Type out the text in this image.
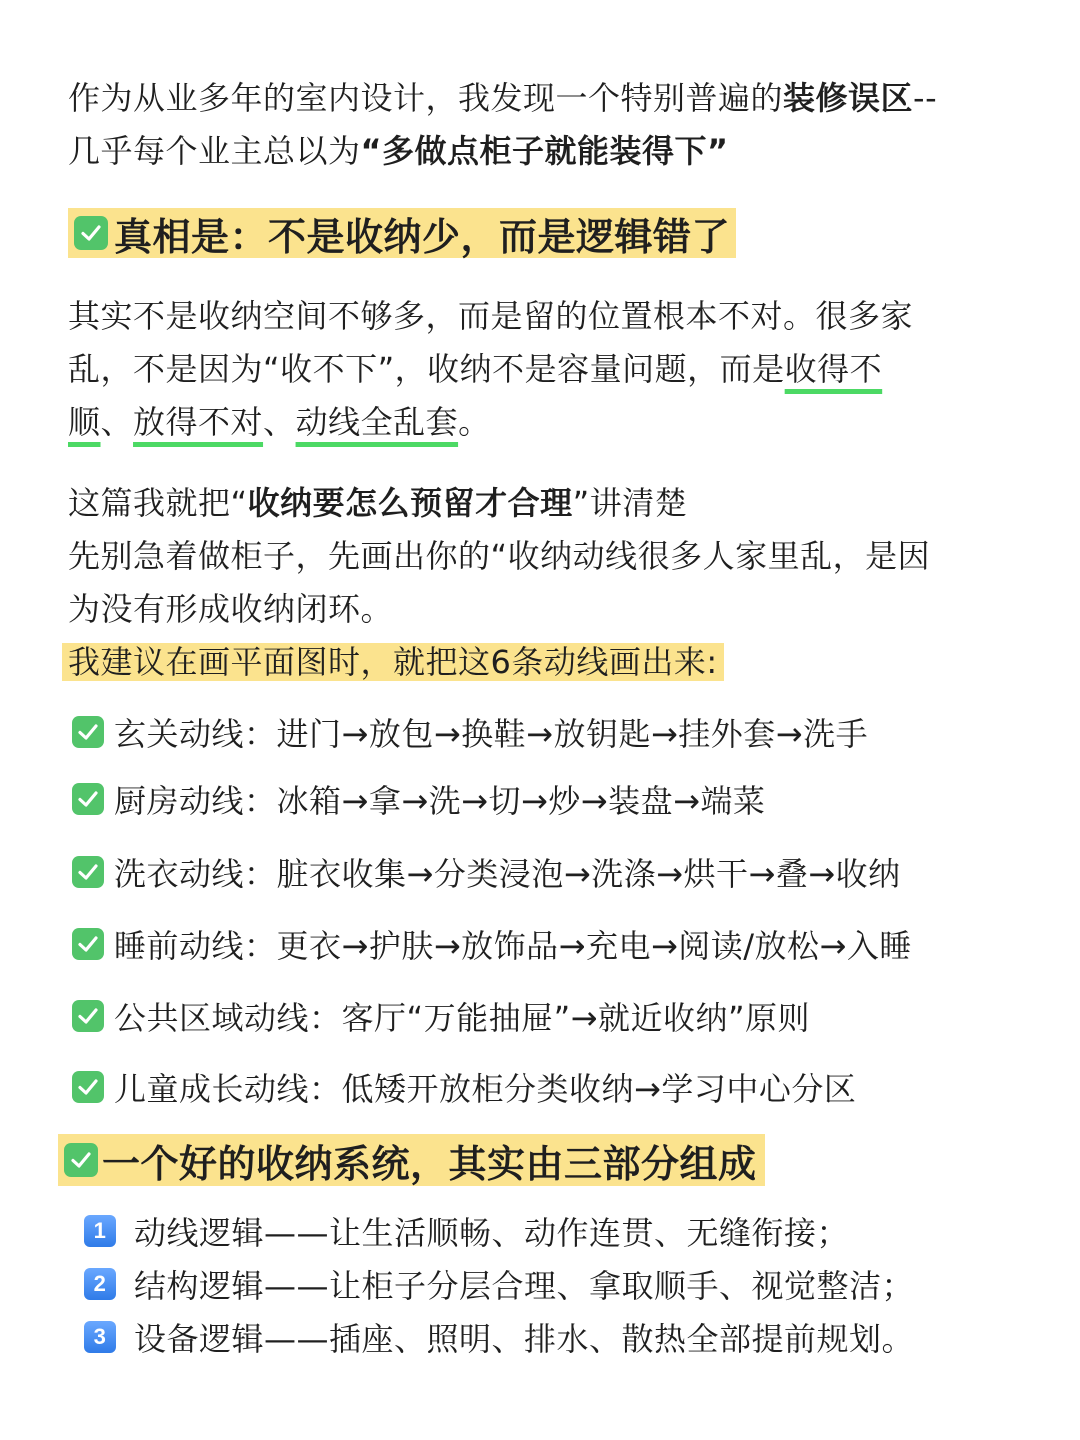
作为从业多年的室内设计，我发现一个特别普遍的装修误区--
几乎每个业主总以为“多做点柜子就能装得下”
真相是：不是收纳少，而是逻辑错了
其实不是收纳空间不够多，而是留的位置根本不对。很多家
乱，不是因为“收不下”，收纳不是容量问题，而是收得不
顺、放得不对、动线全乱套。
这篇我就把“收纳要怎么预留才合理”讲清楚
先别急着做柜子，先画出你的“收纳动线很多人家里乱，是因
为没有形成收纳闭环。
我建议在画平面图时，就把这6条动线画出来:
玄关动线：进门→放包→换鞋→放钥匙→挂外套→洗手
厨房动线：冰箱→拿→洗→切→炒→装盘→端菜
洗衣动线：脏衣收集→分类浸泡→洗涤→烘干→叠→收纳
睡前动线：更衣→护肤→放饰品→充电→阅读/放松→入睡
公共区域动线：客厅“万能抽屉”→就近收纳”原则
儿童成长动线：低矮开放柜分类收纳→学习中心分区
一个好的收纳系统，其实由三部分组成
1 动线逻辑——让生活顺畅、动作连贯、无缝衔接；
2 结构逻辑——让柜子分层合理、拿取顺手、视觉整洁；
3 设备逻辑——插座、照明、排水、散热全部提前规划。
